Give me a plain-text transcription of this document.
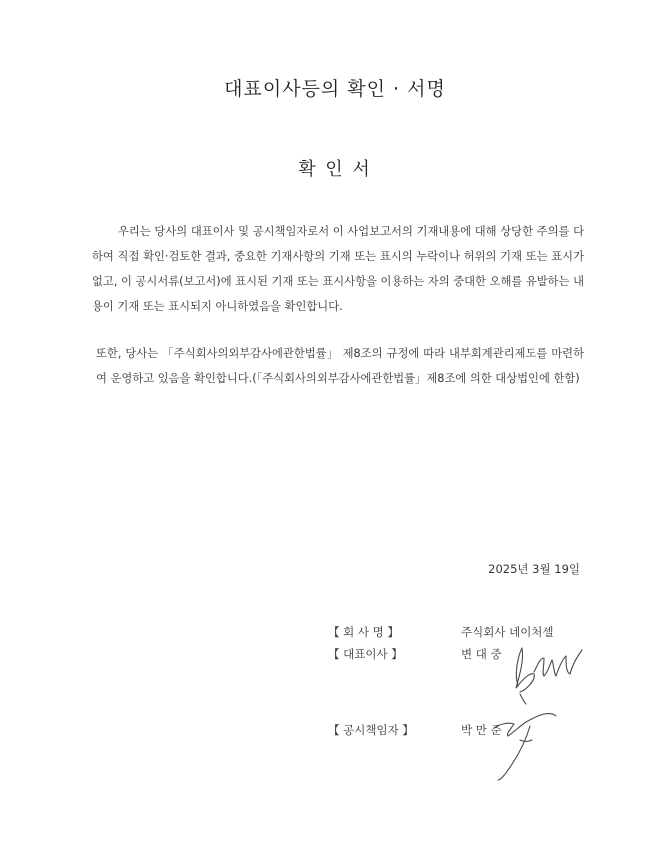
대표이사등의 확인 · 서명
확 인 서

우리는 당사의 대표이사 및 공시책임자로서 이 사업보고서의 기재내용에 대해 상당한 주의를 다하여 직접 확인·검토한 결과, 중요한 기재사항의 기재 또는 표시의 누락이나 허위의 기재 또는 표시가 없고, 이 공시서류(보고서)에 표시된 기재 또는 표시사항을 이용하는 자의 중대한 오해를 유발하는 내용이 기재 또는 표시되지 아니하였음을 확인합니다.

또한, 당사는 「주식회사의외부감사에관한법률」 제8조의 규정에 따라 내부회계관리제도를 마련하여 운영하고 있음을 확인합니다.(「주식회사의외부감사에관한법률」제8조에 의한 대상법인에 한함)

2025년 3월 19일
【 회 사 명 】	주식회사 네이처셀
【 대표이사 】	변 대 중
【 공시책임자 】	박 만 준
